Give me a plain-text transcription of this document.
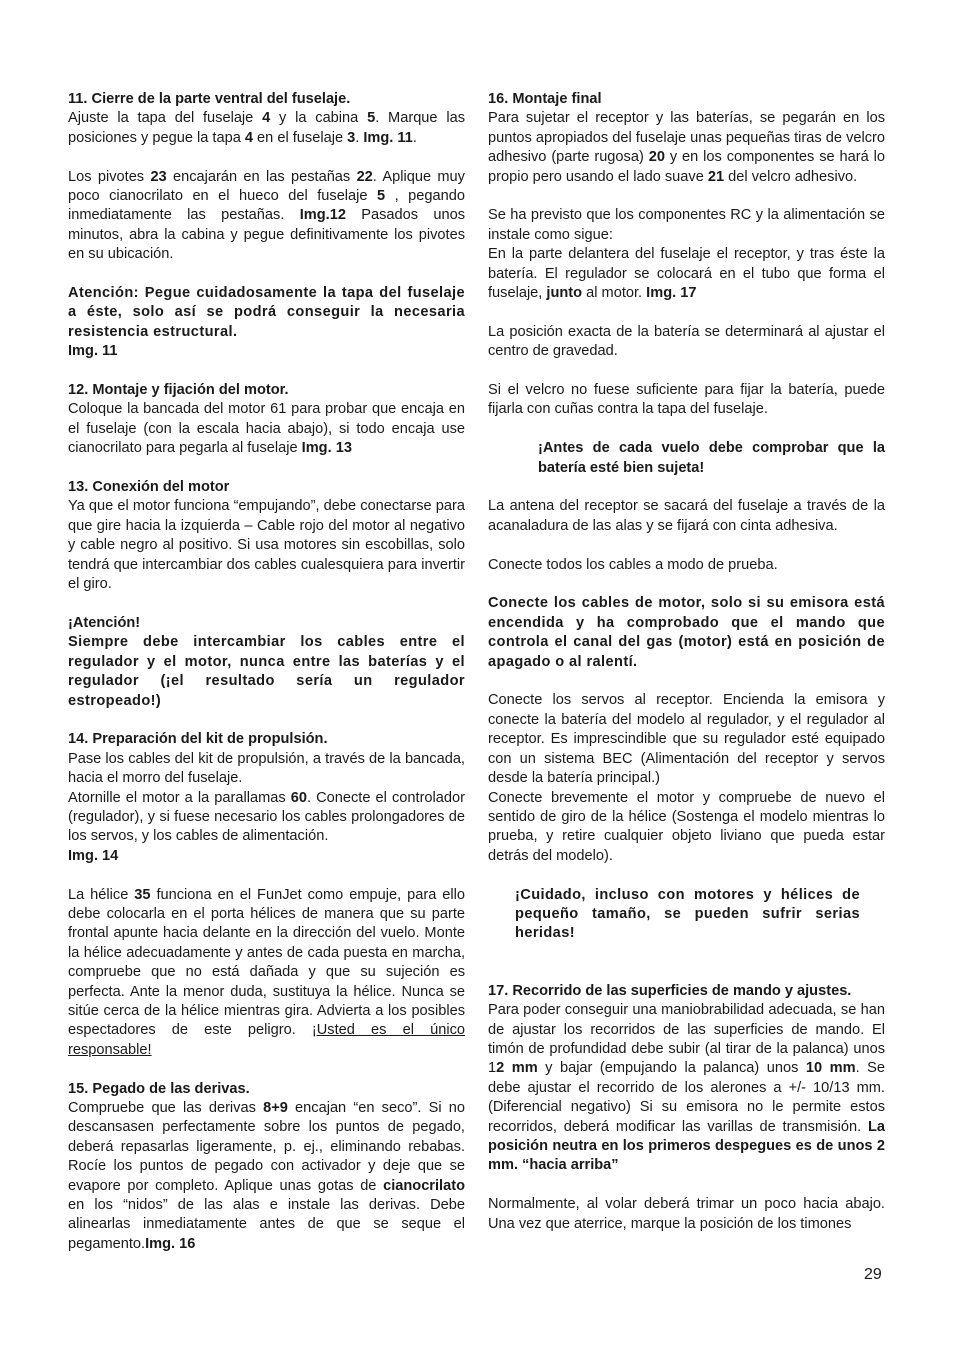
11. Cierre de la parte ventral del fuselaje.

Ajuste la tapa del fuselaje 4 y la cabina 5. Marque las posiciones y pegue la tapa 4 en el fuselaje 3. Img. 11.

Los pivotes 23 encajarán en las pestañas 22. Aplique muy poco cianocrilato en el hueco del fuselaje 5 , pegando inmediatamente las pestañas. Img.12 Pasados unos minutos, abra la cabina y pegue definitivamente los pivotes en su ubicación.

Atención: Pegue cuidadosamente la tapa del fuselaje a éste, solo así se podrá conseguir la necesaria resistencia estructural.

Img. 11

12. Montaje y fijación del motor.

Coloque la bancada del motor 61 para probar que encaja en el fuselaje (con la escala hacia abajo), si todo encaja use cianocrilato para pegarla al fuselaje Img. 13

13. Conexión del motor

Ya que el motor funciona “empujando”, debe conectarse para que gire hacia la izquierda – Cable rojo del motor al negativo y cable negro al positivo. Si usa motores sin escobillas, solo tendrá que intercambiar dos cables cualesquiera para invertir el giro.

¡Atención!

Siempre debe intercambiar los cables entre el regulador y el motor, nunca entre las baterías y el regulador (¡el resultado sería un regulador estropeado!)

14. Preparación del kit de propulsión.

Pase los cables del kit de propulsión, a través de la bancada, hacia el morro del fuselaje.

Atornille el motor a la parallamas 60. Conecte el controlador (regulador), y si fuese necesario los cables prolongadores de los servos, y los cables de alimentación.

Img. 14

La hélice 35 funciona en el FunJet como empuje, para ello debe colocarla en el porta hélices de manera que su parte frontal apunte hacia delante en la dirección del vuelo. Monte la hélice adecuadamente y antes de cada puesta en marcha, compruebe que no está dañada y que su sujeción es perfecta. Ante la menor duda, sustituya la hélice. Nunca se sitúe cerca de la hélice mientras gira. Advierta a los posibles espectadores de este peligro. ¡Usted es el único responsable!

15. Pegado de las derivas.

Compruebe que las derivas 8+9 encajan “en seco”. Si no descansasen perfectamente sobre los puntos de pegado, deberá repasarlas ligeramente, p. ej., eliminando rebabas. Rocíe los puntos de pegado con activador y deje que se evapore por completo. Aplique unas gotas de cianocrilato en los “nidos” de las alas e instale las derivas. Debe alinearlas inmediatamente antes de que se seque el pegamento.Img. 16

16. Montaje final

Para sujetar el receptor y las baterías, se pegarán en los puntos apropiados del fuselaje unas pequeñas tiras de velcro adhesivo (parte rugosa) 20 y en los componentes se hará lo propio pero usando el lado suave 21 del velcro adhesivo.

Se ha previsto que los componentes RC y la alimentación se instale como sigue:

En la parte delantera del fuselaje el receptor, y tras éste la batería. El regulador se colocará en el tubo que forma el fuselaje, junto al motor. Img. 17

La posición exacta de la batería se determinará al ajustar el centro de gravedad.

Si el velcro no fuese suficiente para fijar la batería, puede fijarla con cuñas contra la tapa del fuselaje.

¡Antes de cada vuelo debe comprobar que la batería esté bien sujeta!

La antena del receptor se sacará del fuselaje a través de la acanaladura de las alas y se fijará con cinta adhesiva.

Conecte todos los cables a modo de prueba.

Conecte los cables de motor, solo si su emisora está encendida y ha comprobado que el mando que controla el canal del gas (motor) está en posición de apagado o al ralentí.

Conecte los servos al receptor. Encienda la emisora y conecte la batería del modelo al regulador, y el regulador al receptor. Es imprescindible que su regulador esté equipado con un sistema BEC (Alimentación del receptor y servos desde la batería principal.)

Conecte brevemente el motor y compruebe de nuevo el sentido de giro de la hélice (Sostenga el modelo mientras lo prueba, y retire cualquier objeto liviano que pueda estar detrás del modelo).

¡Cuidado, incluso con motores y hélices de pequeño tamaño, se pueden sufrir serias heridas!

17. Recorrido de las superficies de mando y ajustes.

Para poder conseguir una maniobrabilidad adecuada, se han de ajustar los recorridos de las superficies de mando. El timón de profundidad debe subir (al tirar de la palanca) unos 12 mm y bajar (empujando la palanca) unos 10 mm. Se debe ajustar el recorrido de los alerones a +/- 10/13 mm. (Diferencial negativo) Si su emisora no le permite estos recorridos, deberá modificar las varillas de transmisión. La posición neutra en los primeros despegues es de unos 2 mm. “hacia arriba”

Normalmente, al volar deberá trimar un poco hacia abajo. Una vez que aterrice, marque la posición de los timones

29
